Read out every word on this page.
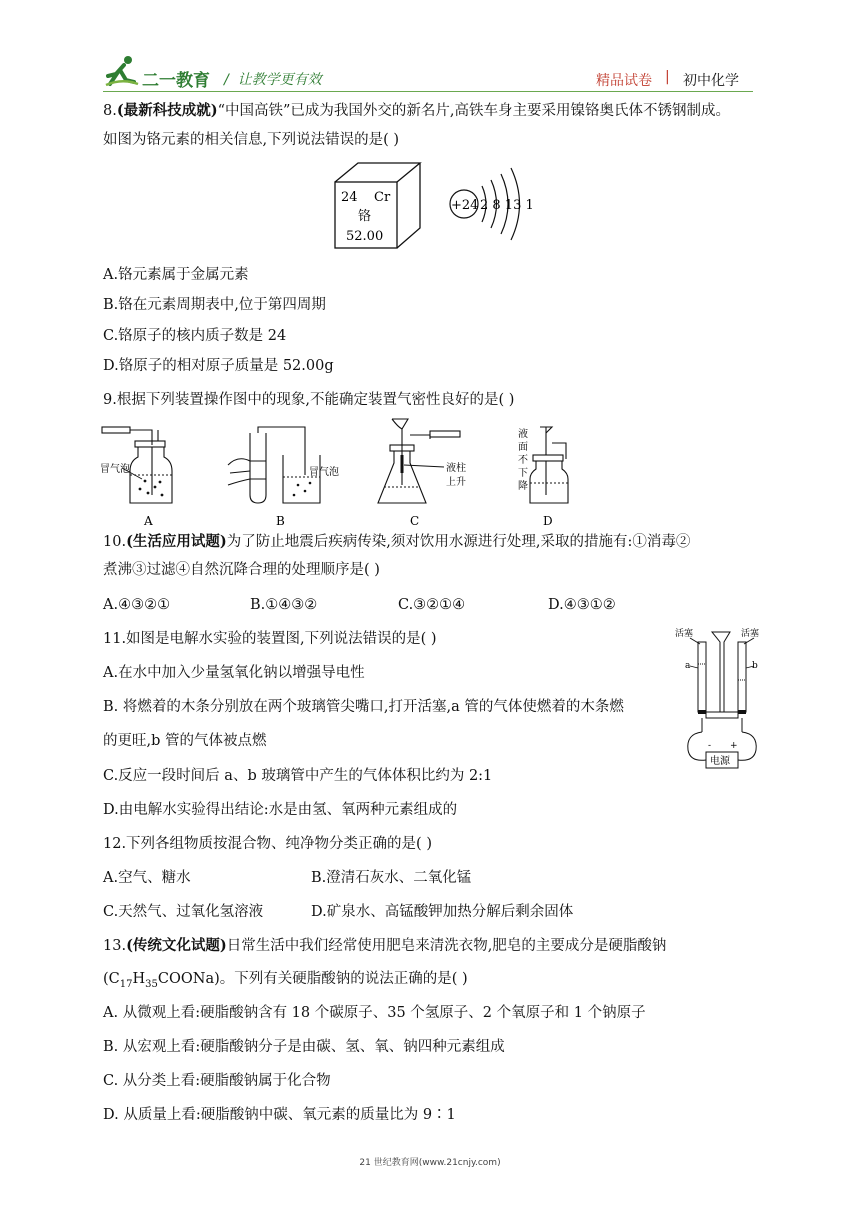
二一教育 /  让教学更有效	精品试卷 | 初中化学
8.(最新科技成就)“中国高铁”已成为我国外交的新名片,高铁车身主要采用镍铬奥氏体不锈钢制成。
如图为铬元素的相关信息,下列说法错误的是( )
24 Cr
铬
52.00
+24 2 8 13 1
A.铬元素属于金属元素
B.铬在元素周期表中,位于第四周期
C.铬原子的核内质子数是 24
D.铬原子的相对原子质量是 52.00g
9.根据下列装置操作图中的现象,不能确定装置气密性良好的是( )
冒气泡
A
冒气泡
B
液柱
上升
C
液
面
不
下
降
D
10.(生活应用试题)为了防止地震后疾病传染,须对饮用水源进行处理,采取的措施有:①消毒②
煮沸③过滤④自然沉降合理的处理顺序是( )
A.④③②①	B.①④③②	C.③②①④	D.④③①②
11.如图是电解水实验的装置图,下列说法错误的是( )
A.在水中加入少量氢氧化钠以增强导电性
B. 将燃着的木条分别放在两个玻璃管尖嘴口,打开活塞,a 管的气体使燃着的木条燃
的更旺,b 管的气体被点燃
C.反应一段时间后 a、b 玻璃管中产生的气体体积比约为 2:1
D.由电解水实验得出结论:水是由氢、氧两种元素组成的
活塞	活塞
a	b
- +
电源
12.下列各组物质按混合物、纯净物分类正确的是( )
A.空气、糖水	B.澄清石灰水、二氧化锰
C.天然气、过氧化氢溶液	D.矿泉水、高锰酸钾加热分解后剩余固体
13.(传统文化试题)日常生活中我们经常使用肥皂来清洗衣物,肥皂的主要成分是硬脂酸钠
$(C_{17}H_{35}COONa)$。下列有关硬脂酸钠的说法正确的是( )
A. 从微观上看:硬脂酸钠含有 18 个碳原子、35 个氢原子、2 个氧原子和 1 个钠原子
B. 从宏观上看:硬脂酸钠分子是由碳、氢、氧、钠四种元素组成
C. 从分类上看:硬脂酸钠属于化合物
D. 从质量上看:硬脂酸钠中碳、氧元素的质量比为 9∶1
21 世纪教育网(www.21cnjy.com)
